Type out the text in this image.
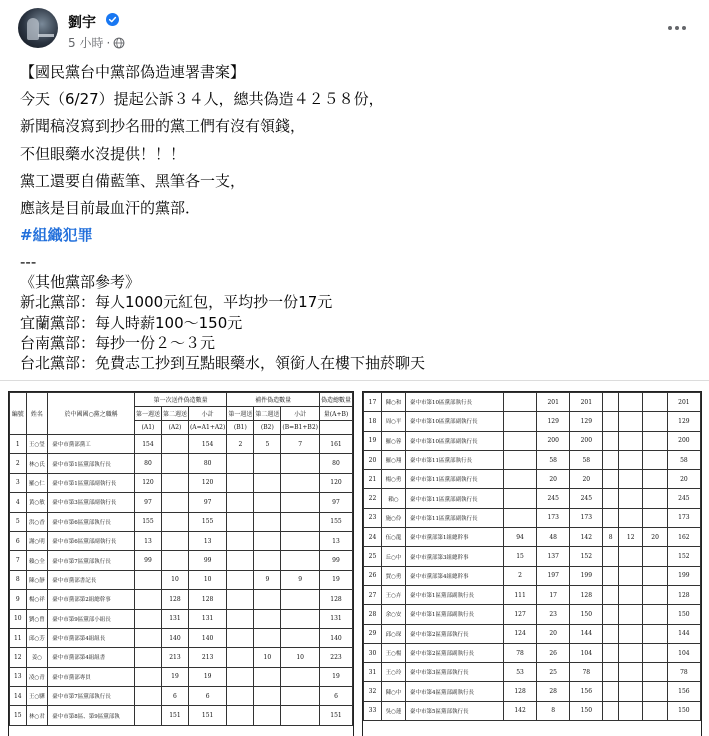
劉宇
5 小時 ·
【國民黨台中黨部偽造連署書案】
今天（6/27）提起公訴３４人，總共偽造４２５８份，
新聞稿沒寫到抄名冊的黨工們有沒有領錢，
不但眼藥水沒提供！！！
黨工還要自備藍筆、黑筆各一支，
應該是目前最血汗的黨部．
#組織犯罪
---
《其他黨部參考》
新北黨部：每人1000元紅包，平均抄一份17元
宜蘭黨部：每人時薪100～150元
台南黨部：每抄一份２～３元
台北黨部：免費志工抄到互點眼藥水，領銜人在樓下抽菸聊天
編號	姓名	於中國國○黨之職稱	第一次送件偽造數量			補件偽造數量			偽造總數量
			第一週送	第二週送	小計	第一週送	第二週送	小計	量(A+B)
			(A1)	(A2)	(A=A1+A2)	(B1)	(B2)	(B=B1+B2)	
1	王○瑩	臺中市黨部黨工	154		154	2	5	7	161
2	林○氏	臺中市第1區黨部執行長	80		80				80
3	羅○仁	臺中市第1區黨部副執行長	120		120				120
4	黃○敏	臺中市第3區黨部副執行長	97		97				97
5	洪○香	臺中市第6區黨部執行長	155		155				155
6	謝○明	臺中市第6區黨部副執行長	13		13				13
7	賴○全	臺中市第7區黨部執行長	99		99				99
8	陳○靜	臺中市黨部書記長		10	10		9	9	19
9	楊○祥	臺中市黨部第2組總幹事		128	128				128
10	劉○曾	臺中市第9區黨部小組長		131	131				131
11	邱○芳	臺中市黨部第4組組長		140	140				140
12	姜○	臺中市黨部第4組組書		213	213		10	10	223
13	凌○青	臺中市黨部專員		19	19				19
14	王○驊	臺中市第7區黨部執行長		6	6				6
15	林○君	臺中市第8區、第9區黨部執		151	151				151
17	陳○和	臺中市第10區黨部執行長		201	201				201
18	周○平	臺中市第10區黨部副執行長		129	129				129
19	羅○蓉	臺中市第10區黨部副執行長		200	200				200
20	羅○翔	臺中市第11區黨部執行長		58	58				58
21	楊○勇	臺中市第11區黨部副執行長		20	20				20
22	賴○	臺中市第11區黨部副執行長		245	245				245
23	施○伶	臺中市第11區黨部副執行長		173	173				173
24	伍○龍	臺中市黨部第1組總幹事	94	48	142	8	12	20	162
25	丘○中	臺中市黨部第3組總幹事	15	137	152				152
26	賈○勇	臺中市黨部第4組總幹事	2	197	199				199
27	王○卉	臺中市第1區黨部副執行長	111	17	128				128
28	余○安	臺中市第1區黨部副執行長	127	23	150				150
29	邱○琛	臺中市第2區黨部執行長	124	20	144				144
30	王○楊	臺中市第2區黨部副執行長	78	26	104				104
31	王○玲	臺中市第3區黨部執行長	53	25	78				78
32	陳○中	臺中市第4區黨部副執行長	128	28	156				156
33	吳○蓮	臺中市第5區黨部執行長	142	8	150				150
